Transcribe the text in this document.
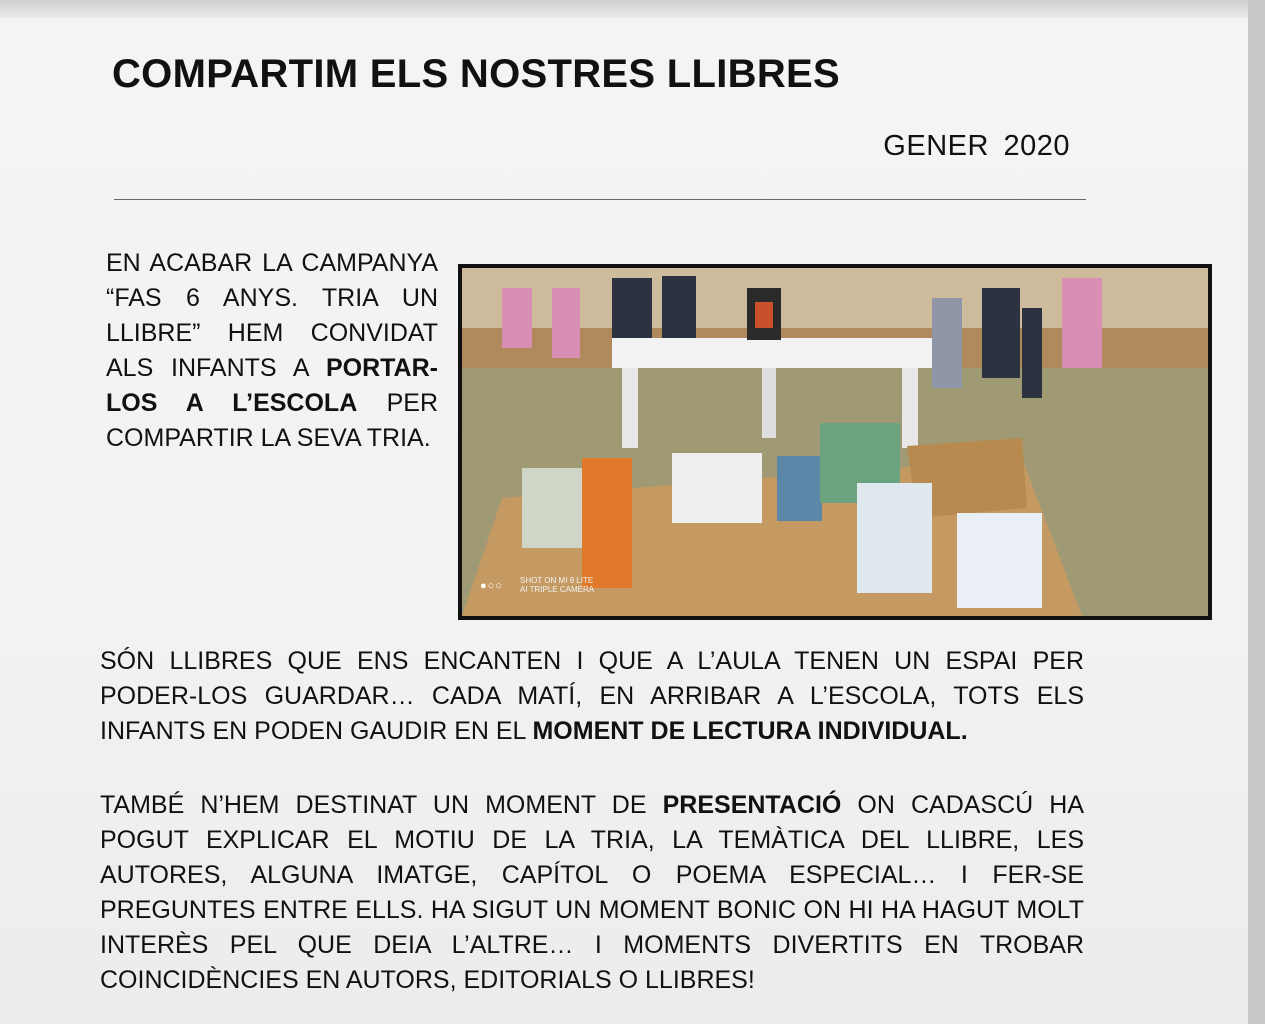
COMPARTIM ELS NOSTRES LLIBRES
GENER 2020
EN ACABAR LA CAMPANYA “FAS 6 ANYS. TRIA UN LLIBRE” HEM CONVIDAT ALS INFANTS A PORTAR-LOS A L’ESCOLA PER COMPARTIR LA SEVA TRIA.
●○○ SHOT ON MI 9 LITE
AI TRIPLE CAMERA
SÓN LLIBRES QUE ENS ENCANTEN I QUE A L’AULA TENEN UN ESPAI PER PODER-LOS GUARDAR… CADA MATÍ, EN ARRIBAR A L’ESCOLA, TOTS ELS INFANTS EN PODEN GAUDIR EN EL MOMENT DE LECTURA INDIVIDUAL.
TAMBÉ N’HEM DESTINAT UN MOMENT DE PRESENTACIÓ ON CADASCÚ HA POGUT EXPLICAR EL MOTIU DE LA TRIA, LA TEMÀTICA DEL LLIBRE, LES AUTORES, ALGUNA IMATGE, CAPÍTOL O POEMA ESPECIAL… I FER-SE PREGUNTES ENTRE ELLS. HA SIGUT UN MOMENT BONIC ON HI HA HAGUT MOLT INTERÈS PEL QUE DEIA L’ALTRE… I MOMENTS DIVERTITS EN TROBAR COINCIDÈNCIES EN AUTORS, EDITORIALS O LLIBRES!
